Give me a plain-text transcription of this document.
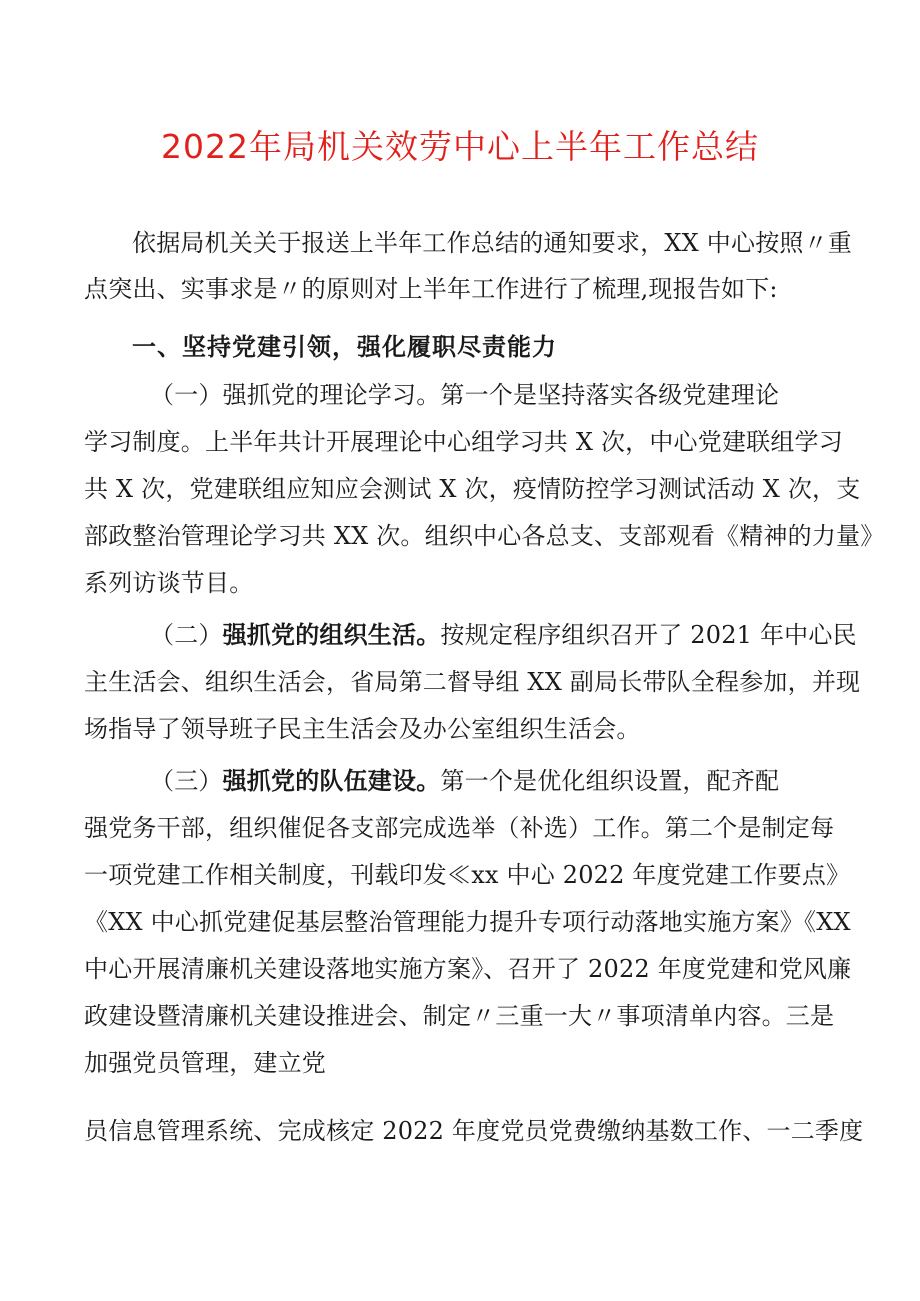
2022年局机关效劳中心上半年工作总结
依据局机关关于报送上半年工作总结的通知要求，XX 中心按照〃重
点突出、实事求是〃的原则对上半年工作进行了梳理,现报告如下:
一、坚持党建引领，强化履职尽责能力
（一）强抓党的理论学习。第一个是坚持落实各级党建理论
学习制度。上半年共计开展理论中心组学习共 X 次，中心党建联组学习
共 X 次，党建联组应知应会测试 X 次，疫情防控学习测试活动 X 次，支
部政整治管理论学习共 XX 次。组织中心各总支、支部观看《精神的力量》
系列访谈节目。
（二）强抓党的组织生活。按规定程序组织召开了 2021 年中心民
主生活会、组织生活会，省局第二督导组 XX 副局长带队全程参加，并现
场指导了领导班子民主生活会及办公室组织生活会。
（三）强抓党的队伍建设。第一个是优化组织设置，配齐配
强党务干部，组织催促各支部完成选举（补选）工作。第二个是制定每
一项党建工作相关制度，刊载印发≪xx 中心 2022 年度党建工作要点》
《XX 中心抓党建促基层整治管理能力提升专项行动落地实施方案》《XX
中心开展清廉机关建设落地实施方案》、召开了 2022 年度党建和党风廉
政建设暨清廉机关建设推进会、制定〃三重一大〃事项清单内容。三是
加强党员管理，建立党
员信息管理系统、完成核定 2022 年度党员党费缴纳基数工作、一二季度
